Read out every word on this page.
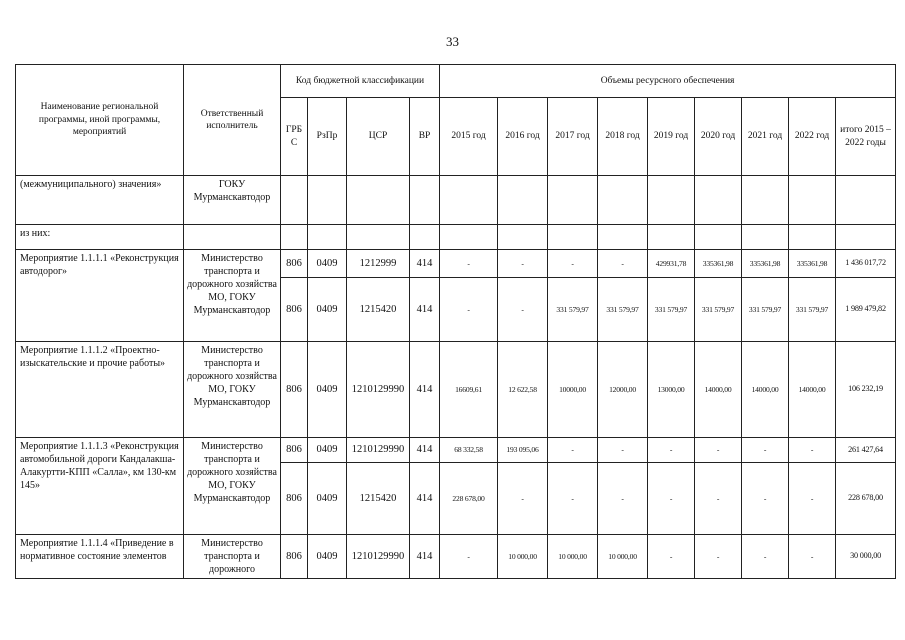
33
Наименование региональной программы, иной программы, мероприятий	Ответственный исполнитель	Код бюджетной классификации				Объемы ресурсного обеспечения								
		ГРБ С	РзПр	ЦСР	ВР	2015 год	2016 год	2017 год	2018 год	2019 год	2020 год	2021 год	2022 год	итого 2015 – 2022 годы
(межмуниципального) значения»	ГОКУ Мурманскавтодор													
из них:														
Мероприятие 1.1.1.1 «Реконструкция автодорог»	Министерство транспорта и дорожного хозяйства МО, ГОКУ Мурманскавтодор	806	0409	1212999	414	-	-	-	-	429931,78	335361,98	335361,98	335361,98	1 436 017,72
		806	0409	1215420	414	-	-	331 579,97	331 579,97	331 579,97	331 579,97	331 579,97	331 579,97	1 989 479,82
Мероприятие 1.1.1.2 «Проектно-изыскательские и прочие работы»	Министерство транспорта и дорожного хозяйства МО, ГОКУ Мурманскавтодор	806	0409	1210129990	414	16609,61	12 622,58	10000,00	12000,00	13000,00	14000,00	14000,00	14000,00	106 232,19
Мероприятие 1.1.1.3 «Реконструкция автомобильной дороги Кандалакша-Алакуртти-КПП «Салла», км 130-км 145»	Министерство транспорта и дорожного хозяйства МО, ГОКУ Мурманскавтодор	806	0409	1210129990	414	68 332,58	193 095,06	-	-	-	-	-	-	261 427,64
		806	0409	1215420	414	228 678,00	-	-	-	-	-	-	-	228 678,00
Мероприятие 1.1.1.4 «Приведение в нормативное состояние элементов	Министерство транспорта и дорожного	806	0409	1210129990	414	-	10 000,00	10 000,00	10 000,00	-	-	-	-	30 000,00
